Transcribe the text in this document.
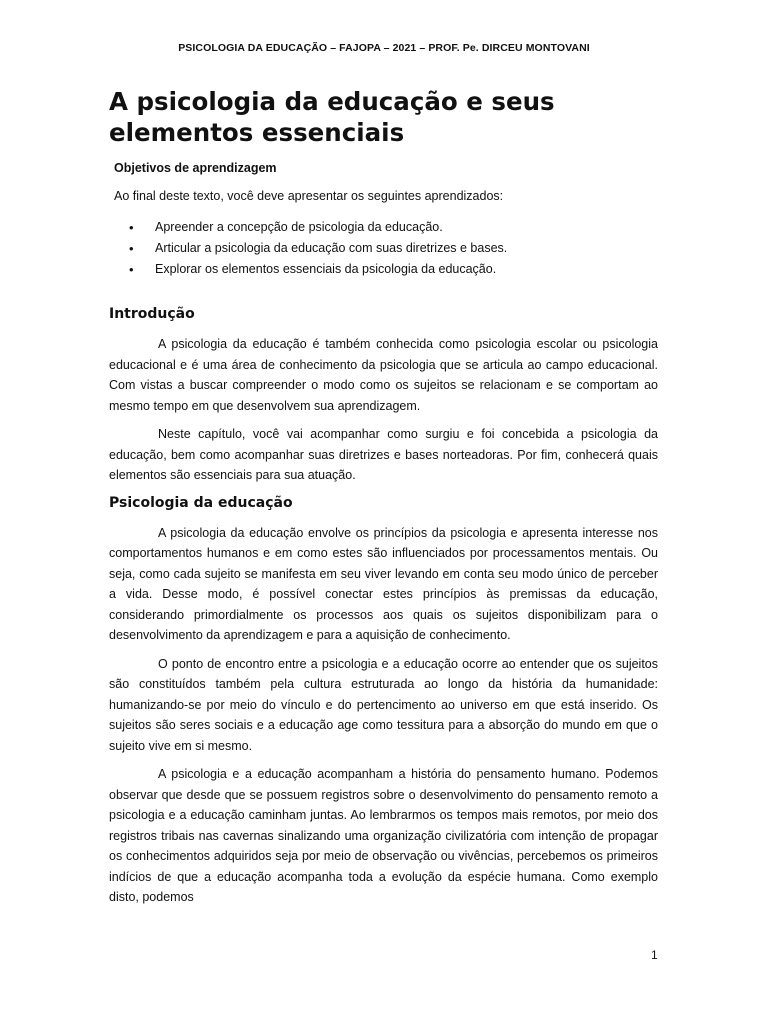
PSICOLOGIA DA EDUCAÇÃO – FAJOPA – 2021 – PROF. Pe. DIRCEU MONTOVANI
A psicologia da educação e seus elementos essenciais
Objetivos de aprendizagem
Ao final deste texto, você deve apresentar os seguintes aprendizados:
• Apreender a concepção de psicologia da educação.
• Articular a psicologia da educação com suas diretrizes e bases.
• Explorar os elementos essenciais da psicologia da educação.
Introdução

A psicologia da educação é também conhecida como psicologia escolar ou psicologia educacional e é uma área de conhecimento da psicologia que se articula ao campo educacional. Com vistas a buscar compreender o modo como os sujeitos se relacionam e se comportam ao mesmo tempo em que desenvolvem sua aprendizagem.

Neste capítulo, você vai acompanhar como surgiu e foi concebida a psicologia da educação, bem como acompanhar suas diretrizes e bases norteadoras. Por fim, conhecerá quais elementos são essenciais para sua atuação.

Psicologia da educação

A psicologia da educação envolve os princípios da psicologia e apresenta interesse nos comportamentos humanos e em como estes são influenciados por processamentos mentais. Ou seja, como cada sujeito se manifesta em seu viver levando em conta seu modo único de perceber a vida. Desse modo, é possível conectar estes princípios às premissas da educação, considerando primordialmente os processos aos quais os sujeitos disponibilizam para o desenvolvimento da aprendizagem e para a aquisição de conhecimento.

O ponto de encontro entre a psicologia e a educação ocorre ao entender que os sujeitos são constituídos também pela cultura estruturada ao longo da história da humanidade: humanizando-se por meio do vínculo e do pertencimento ao universo em que está inserido. Os sujeitos são seres sociais e a educação age como tessitura para a absorção do mundo em que o sujeito vive em si mesmo.

A psicologia e a educação acompanham a história do pensamento humano. Podemos observar que desde que se possuem registros sobre o desenvolvimento do pensamento remoto a psicologia e a educação caminham juntas. Ao lembrarmos os tempos mais remotos, por meio dos registros tribais nas cavernas sinalizando uma organização civilizatória com intenção de propagar os conhecimentos adquiridos seja por meio de observação ou vivências, percebemos os primeiros indícios de que a educação acompanha toda a evolução da espécie humana. Como exemplo disto, podemos

1
